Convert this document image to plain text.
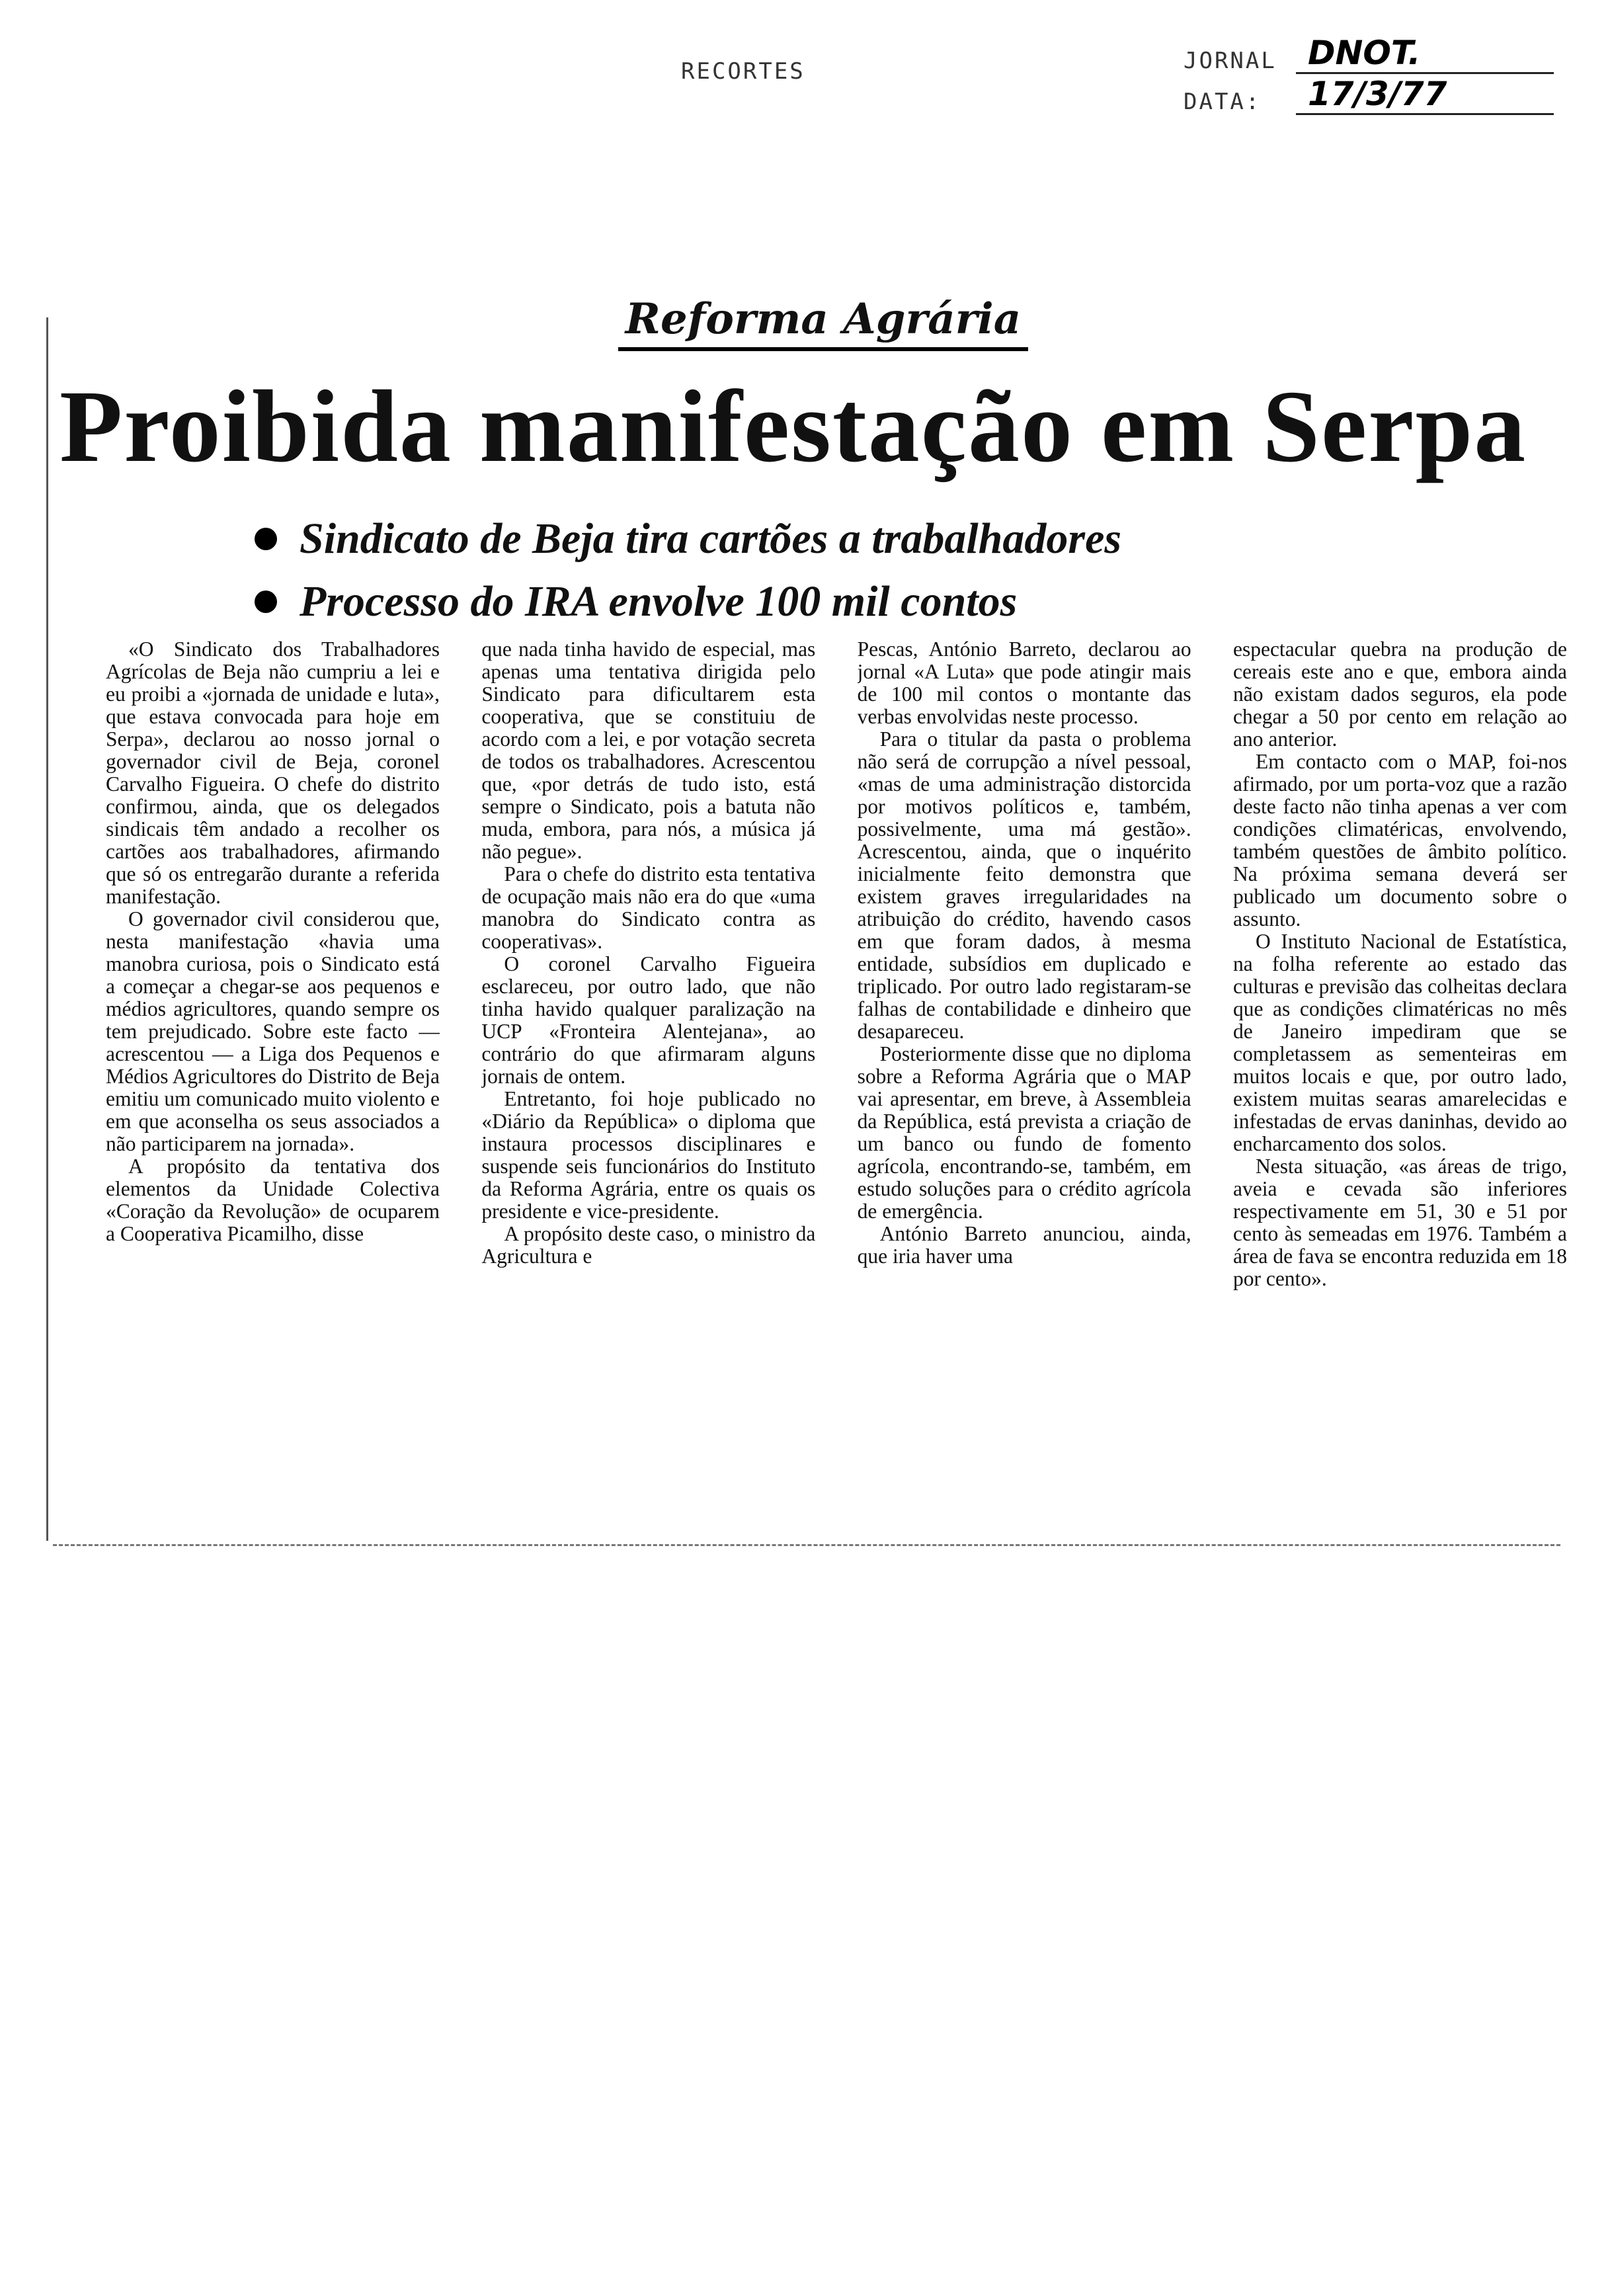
RECORTES	JORNAL DNOT.
DATA:	17/3/77
Reforma Agrária
Proibida manifestação em Serpa
Sindicato de Beja tira cartões a trabalhadores
Processo do IRA envolve 100 mil contos

«O Sindicato dos Trabalhadores Agrícolas de Beja não cumpriu a lei e eu proibi a «jornada de unidade e luta», que estava convocada para hoje em Serpa», declarou ao nosso jornal o governador civil de Beja, coronel Carvalho Figueira. O chefe do distrito confirmou, ainda, que os delegados sindicais têm andado a recolher os cartões aos trabalhadores, afirmando que só os entregarão durante a referida manifestação.

O governador civil considerou que, nesta manifestação «havia uma manobra curiosa, pois o Sindicato está a começar a chegar-se aos pequenos e médios agricultores, quando sempre os tem prejudicado. Sobre este facto — acrescentou — a Liga dos Pequenos e Médios Agricultores do Distrito de Beja emitiu um comunicado muito violento e em que aconselha os seus associados a não participarem na jornada».

A propósito da tentativa dos elementos da Unidade Colectiva «Coração da Revolução» de ocuparem a Cooperativa Picamilho, disse

que nada tinha havido de especial, mas apenas uma tentativa dirigida pelo Sindicato para dificultarem esta cooperativa, que se constituiu de acordo com a lei, e por votação secreta de todos os trabalhadores. Acrescentou que, «por detrás de tudo isto, está sempre o Sindicato, pois a batuta não muda, embora, para nós, a música já não pegue».

Para o chefe do distrito esta tentativa de ocupação mais não era do que «uma manobra do Sindicato contra as cooperativas».

O coronel Carvalho Figueira esclareceu, por outro lado, que não tinha havido qualquer paralização na UCP «Fronteira Alentejana», ao contrário do que afirmaram alguns jornais de ontem.

Entretanto, foi hoje publicado no «Diário da República» o diploma que instaura processos disciplinares e suspende seis funcionários do Instituto da Reforma Agrária, entre os quais os presidente e vice-presidente.

A propósito deste caso, o ministro da Agricultura e

Pescas, António Barreto, declarou ao jornal «A Luta» que pode atingir mais de 100 mil contos o montante das verbas envolvidas neste processo.

Para o titular da pasta o problema não será de corrupção a nível pessoal, «mas de uma administração distorcida por motivos políticos e, também, possivelmente, uma má gestão». Acrescentou, ainda, que o inquérito inicialmente feito demonstra que existem graves irregularidades na atribuição do crédito, havendo casos em que foram dados, à mesma entidade, subsídios em duplicado e triplicado. Por outro lado registaram-se falhas de contabilidade e dinheiro que desapareceu.

Posteriormente disse que no diploma sobre a Reforma Agrária que o MAP vai apresentar, em breve, à Assembleia da República, está prevista a criação de um banco ou fundo de fomento agrícola, encontrando-se, também, em estudo soluções para o crédito agrícola de emergência.

António Barreto anunciou, ainda, que iria haver uma

espectacular quebra na produção de cereais este ano e que, embora ainda não existam dados seguros, ela pode chegar a 50 por cento em relação ao ano anterior.

Em contacto com o MAP, foi-nos afirmado, por um porta-voz que a razão deste facto não tinha apenas a ver com condições climatéricas, envolvendo, também questões de âmbito político. Na próxima semana deverá ser publicado um documento sobre o assunto.

O Instituto Nacional de Estatística, na folha referente ao estado das culturas e previsão das colheitas declara que as condições climatéricas no mês de Janeiro impediram que se completassem as sementeiras em muitos locais e que, por outro lado, existem muitas searas amarelecidas e infestadas de ervas daninhas, devido ao encharcamento dos solos.

Nesta situação, «as áreas de trigo, aveia e cevada são inferiores respectivamente em 51, 30 e 51 por cento às semeadas em 1976. Também a área de fava se encontra reduzida em 18 por cento».
